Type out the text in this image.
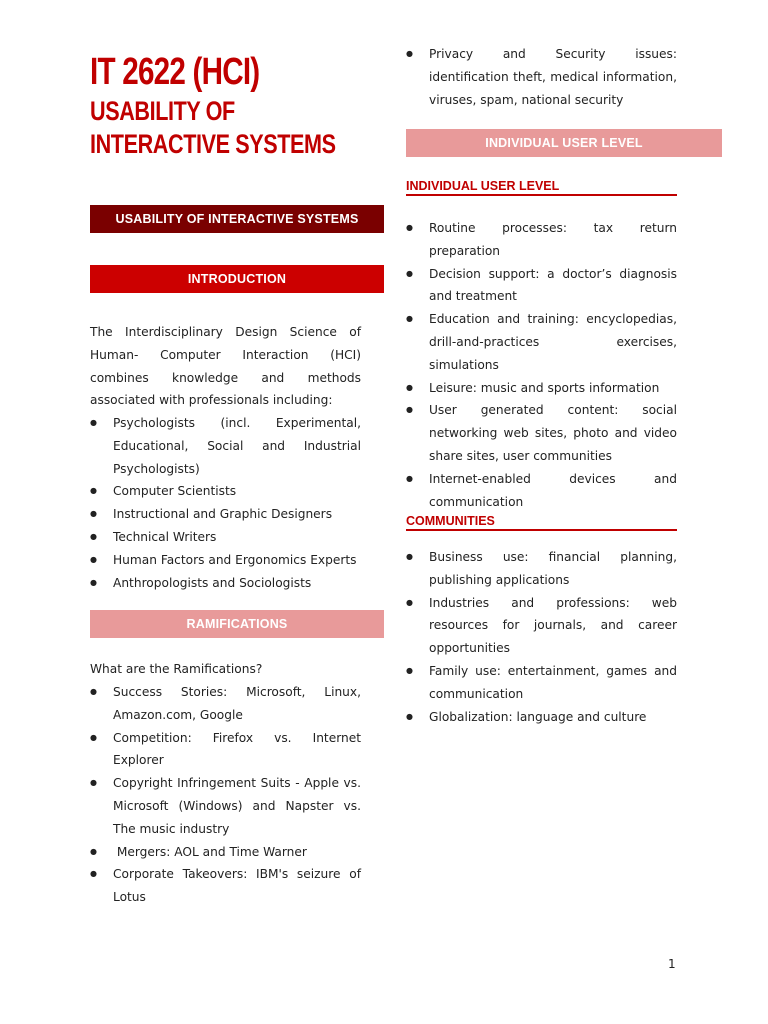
IT 2622 (HCI)
USABILITY OF INTERACTIVE SYSTEMS
USABILITY OF INTERACTIVE SYSTEMS
INTRODUCTION
The Interdisciplinary Design Science of Human- Computer Interaction (HCI) combines knowledge and methods associated with professionals including:
● Psychologists (incl. Experimental, Educational, Social and Industrial Psychologists)
● Computer Scientists
● Instructional and Graphic Designers
● Technical Writers
● Human Factors and Ergonomics Experts
● Anthropologists and Sociologists
RAMIFICATIONS
What are the Ramifications?
● Success Stories: Microsoft, Linux, Amazon.com, Google
● Competition: Firefox vs. Internet Explorer
● Copyright Infringement Suits - Apple vs. Microsoft (Windows) and Napster vs. The music industry
●  Mergers: AOL and Time Warner
● Corporate Takeovers: IBM's seizure of Lotus
● Privacy and Security issues: identification theft, medical information, viruses, spam, national security
INDIVIDUAL USER LEVEL
INDIVIDUAL USER LEVEL
● Routine processes: tax return preparation
● Decision support: a doctor’s diagnosis and treatment
● Education and training: encyclopedias, drill-and-practices exercises, simulations
● Leisure: music and sports information
● User generated content: social networking web sites, photo and video share sites, user communities
● Internet-enabled devices and communication
COMMUNITIES
● Business use: financial planning, publishing applications
● Industries and professions: web resources for journals, and career opportunities
● Family use: entertainment, games and communication
● Globalization: language and culture
1
